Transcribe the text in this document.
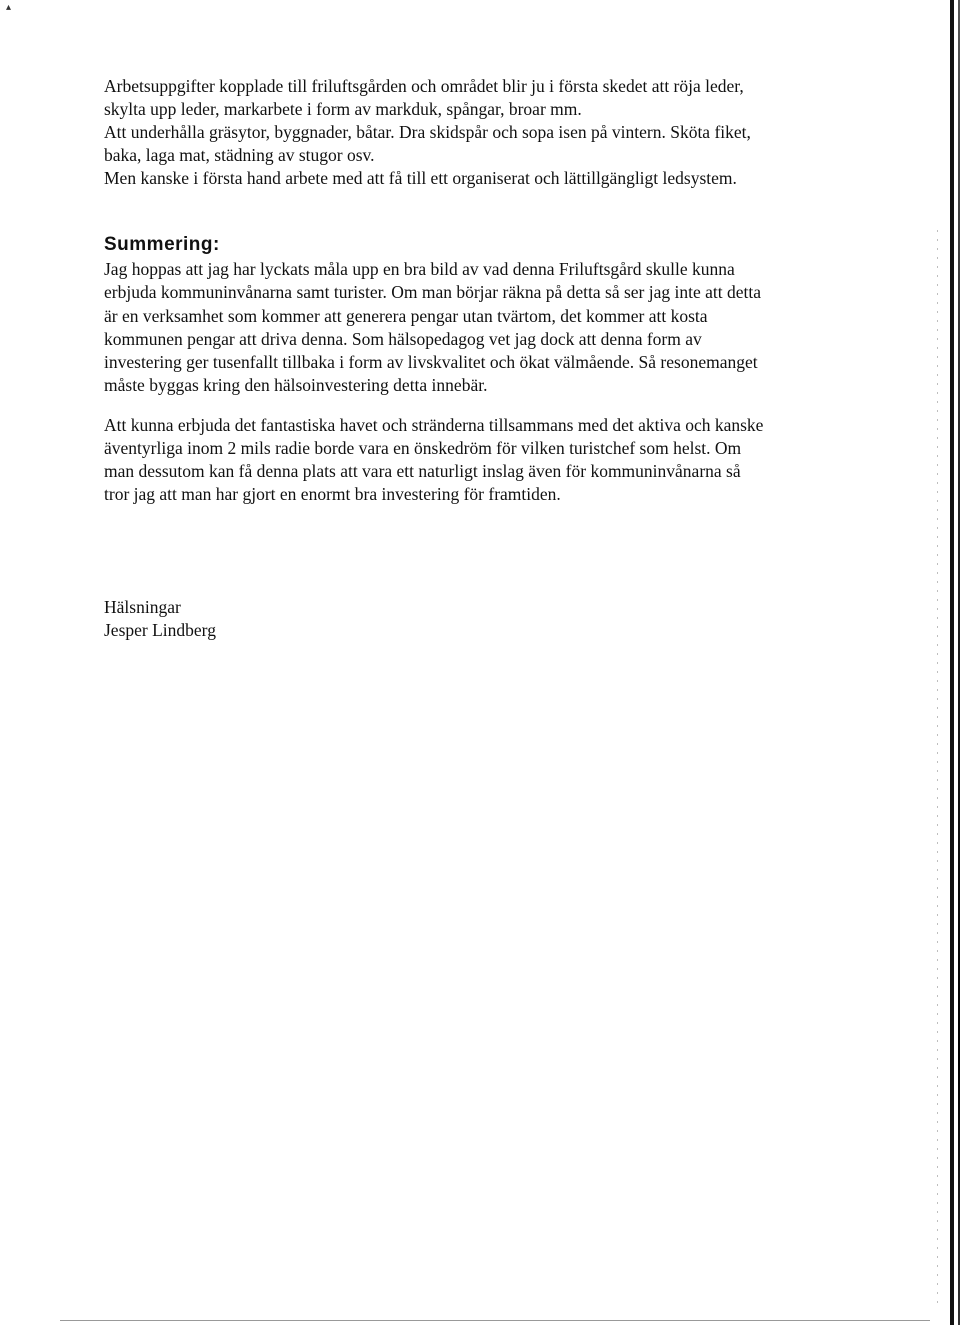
▴
Arbetsuppgifter kopplade till friluftsgården och området blir ju i första skedet att röja leder,
skylta upp leder, markarbete i form av markduk, spångar, broar mm.
Att underhålla gräsytor, byggnader, båtar. Dra skidspår och sopa isen på vintern. Sköta fiket,
baka, laga mat, städning av stugor osv.
Men kanske i första hand arbete med att få till ett organiserat och lättillgängligt ledsystem.
Summering:
Jag hoppas att jag har lyckats måla upp en bra bild av vad denna Friluftsgård skulle kunna
erbjuda kommuninvånarna samt turister. Om man börjar räkna på detta så ser jag inte att detta
är en verksamhet som kommer att generera pengar utan tvärtom, det kommer att kosta
kommunen pengar att driva denna. Som hälsopedagog vet jag dock att denna form av
investering ger tusenfallt tillbaka i form av livskvalitet och ökat välmående. Så resonemanget
måste byggas kring den hälsoinvestering detta innebär.
Att kunna erbjuda det fantastiska havet och stränderna tillsammans med det aktiva och kanske
äventyrliga inom 2 mils radie borde vara en önskedröm för vilken turistchef som helst. Om
man dessutom kan få denna plats att vara ett naturligt inslag även för kommuninvånarna så
tror jag att man har gjort en enormt bra investering för framtiden.
Hälsningar
Jesper Lindberg
